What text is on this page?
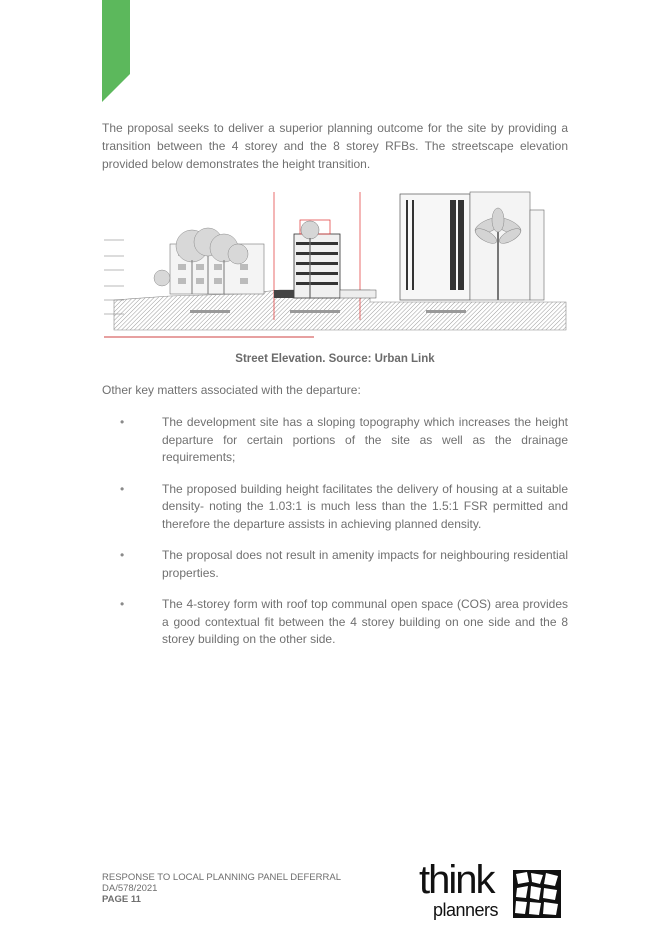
The proposal seeks to deliver a superior planning outcome for the site by providing a transition between the 4 storey and the 8 storey RFBs. The streetscape elevation provided below demonstrates the height transition.

Street Elevation. Source: Urban Link

Other key matters associated with the departure:

•	The development site has a sloping topography which increases the height departure for certain portions of the site as well as the drainage requirements;
•	The proposed building height facilitates the delivery of housing at a suitable density- noting the 1.03:1 is much less than the 1.5:1 FSR permitted and therefore the departure assists in achieving planned density.
•	The proposal does not result in amenity impacts for neighbouring residential properties.
•	The 4-storey form with roof top communal open space (COS) area provides a good contextual fit between the 4 storey building on one side and the 8 storey building on the other side.
RESPONSE TO LOCAL PLANNING PANEL DEFERRAL
DA/578/2021
PAGE 11	think
planners
